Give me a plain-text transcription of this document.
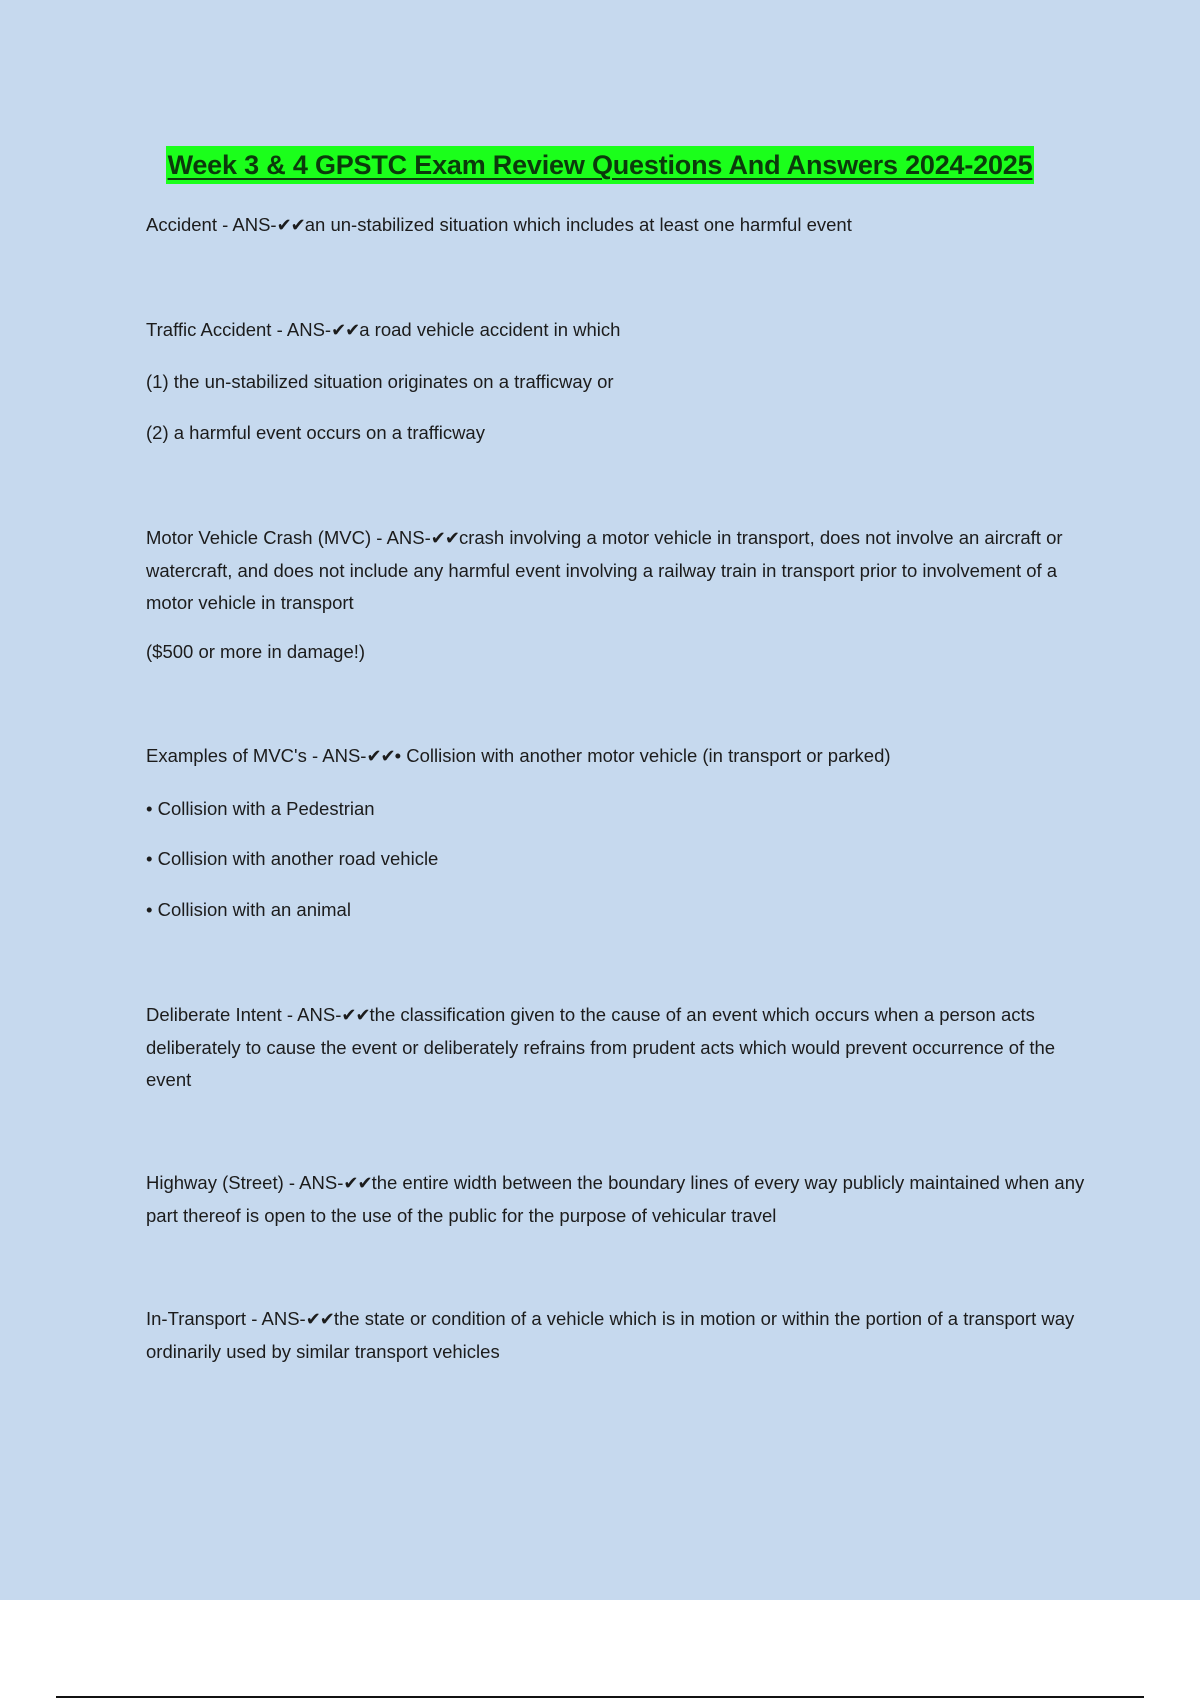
Week 3 & 4 GPSTC Exam Review Questions And Answers 2024-2025

Accident - ANS-✔✔an un-stabilized situation which includes at least one harmful event

Traffic Accident - ANS-✔✔a road vehicle accident in which

(1) the un-stabilized situation originates on a trafficway or

(2) a harmful event occurs on a trafficway

Motor Vehicle Crash (MVC) - ANS-✔✔crash involving a motor vehicle in transport, does not involve an aircraft or watercraft, and does not include any harmful event involving a railway train in transport prior to involvement of a motor vehicle in transport

($500 or more in damage!)

Examples of MVC's - ANS-✔✔• Collision with another motor vehicle (in transport or parked)

• Collision with a Pedestrian

• Collision with another road vehicle

• Collision with an animal

Deliberate Intent - ANS-✔✔the classification given to the cause of an event which occurs when a person acts deliberately to cause the event or deliberately refrains from prudent acts which would prevent occurrence of the event

Highway (Street) - ANS-✔✔the entire width between the boundary lines of every way publicly maintained when any part thereof is open to the use of the public for the purpose of vehicular travel

In-Transport - ANS-✔✔the state or condition of a vehicle which is in motion or within the portion of a transport way ordinarily used by similar transport vehicles
